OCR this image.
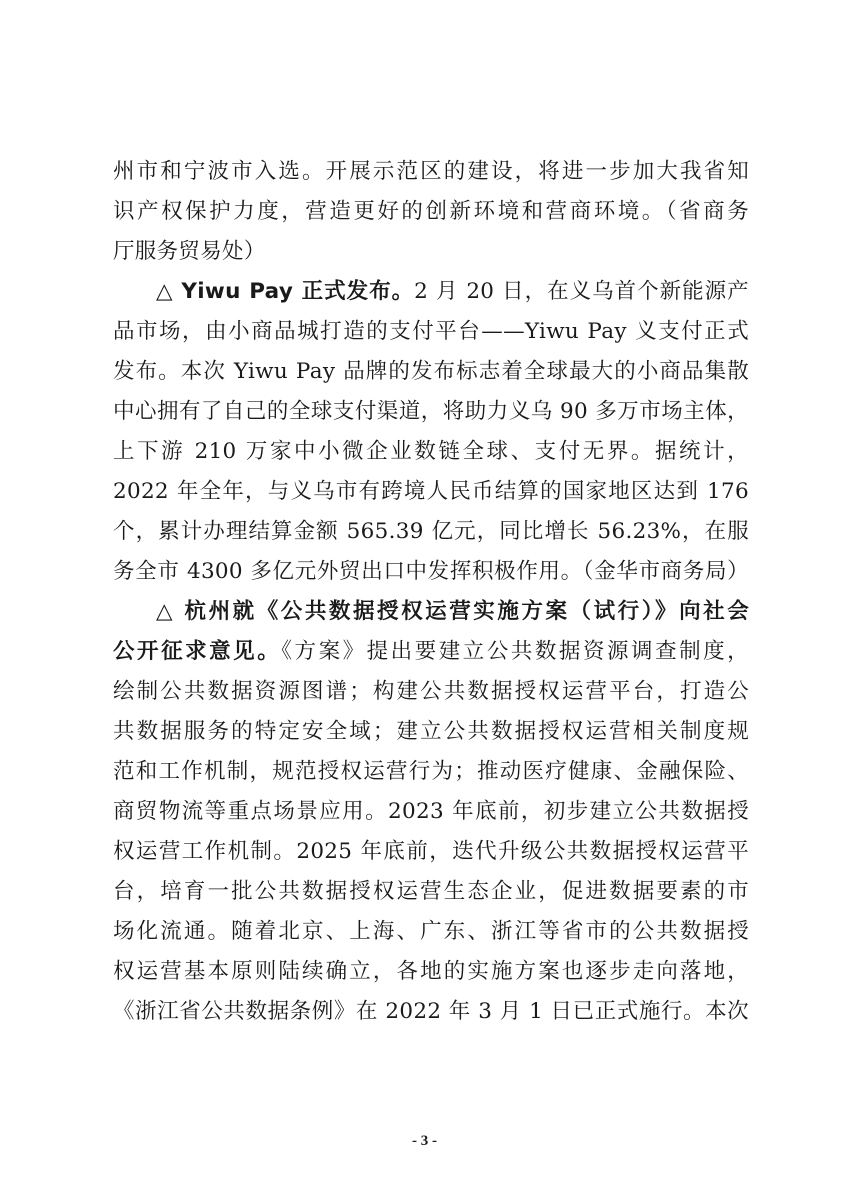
州市和宁波市入选。开展示范区的建设，将进一步加大我省知
识产权保护力度，营造更好的创新环境和营商环境。（省商务
厅服务贸易处）
△ Yiwu Pay 正式发布。2 月 20 日，在义乌首个新能源产
品市场，由小商品城打造的支付平台——Yiwu Pay 义支付正式
发布。本次 Yiwu Pay 品牌的发布标志着全球最大的小商品集散
中心拥有了自己的全球支付渠道，将助力义乌 90 多万市场主体，
上下游 210 万家中小微企业数链全球、支付无界。据统计，
2022 年全年，与义乌市有跨境人民币结算的国家地区达到 176
个，累计办理结算金额 565.39 亿元，同比增长 56.23%，在服
务全市 4300 多亿元外贸出口中发挥积极作用。（金华市商务局）
△ 杭州就《公共数据授权运营实施方案（试行）》向社会
公开征求意见。《方案》提出要建立公共数据资源调查制度，
绘制公共数据资源图谱；构建公共数据授权运营平台，打造公
共数据服务的特定安全域；建立公共数据授权运营相关制度规
范和工作机制，规范授权运营行为；推动医疗健康、金融保险、
商贸物流等重点场景应用。2023 年底前，初步建立公共数据授
权运营工作机制。2025 年底前，迭代升级公共数据授权运营平
台，培育一批公共数据授权运营生态企业，促进数据要素的市
场化流通。随着北京、上海、广东、浙江等省市的公共数据授
权运营基本原则陆续确立，各地的实施方案也逐步走向落地，
《浙江省公共数据条例》在 2022 年 3 月 1 日已正式施行。本次
- 3 -
